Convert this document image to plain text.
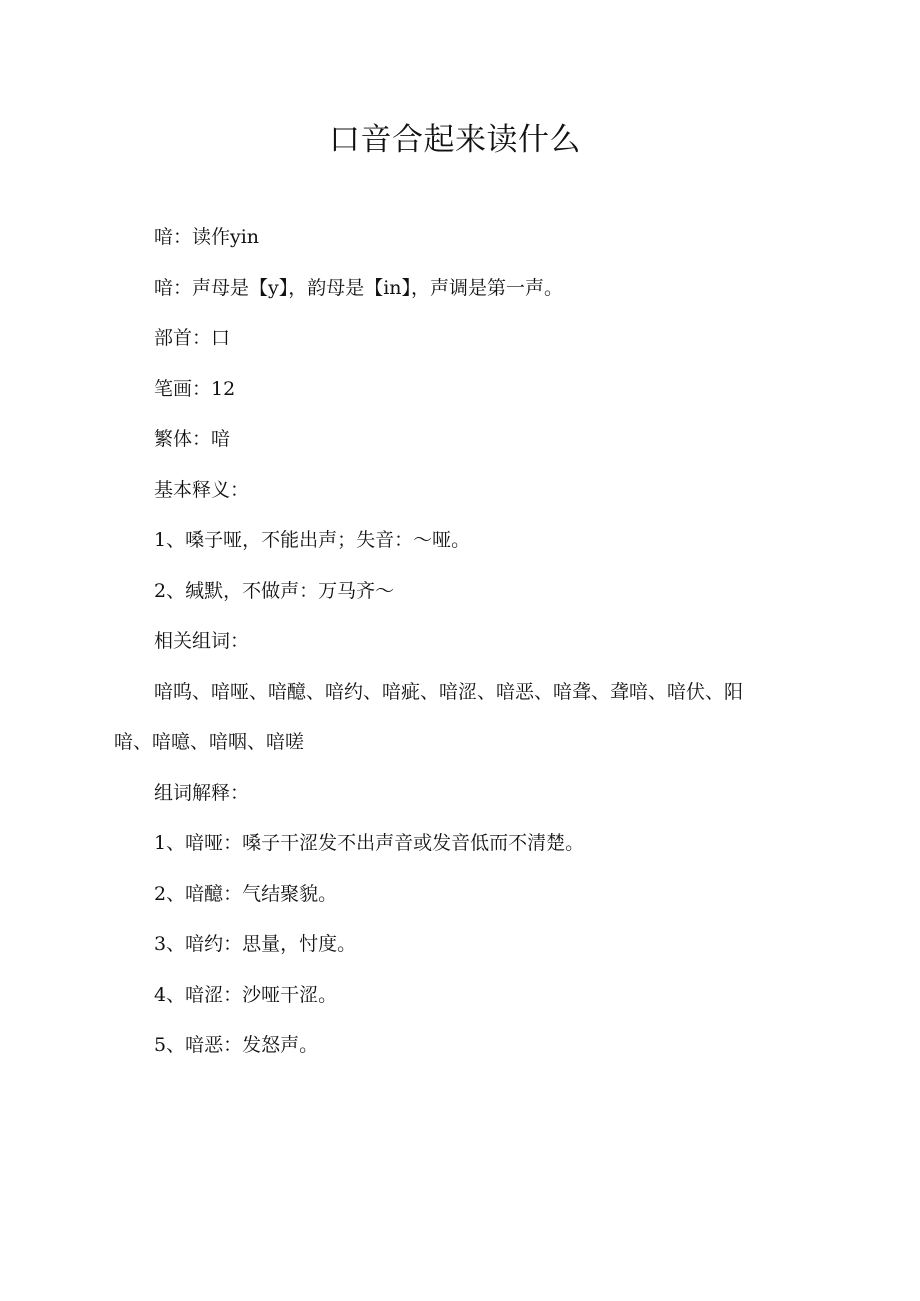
口音合起来读什么

喑：读作yin

喑：声母是【y】，韵母是【in】，声调是第一声。

部首：口

笔画：12

繁体：喑

基本释义：

1、嗓子哑，不能出声；失音：～哑。

2、缄默，不做声：万马齐～

相关组词：

喑呜、喑哑、喑醷、喑约、喑疵、喑涩、喑恶、喑聋、聋喑、喑伏、阳喑、喑噫、喑咽、喑嗟

组词解释：

1、喑哑：嗓子干涩发不出声音或发音低而不清楚。

2、喑醷：气结聚貌。

3、喑约：思量，忖度。

4、喑涩：沙哑干涩。

5、喑恶：发怒声。
